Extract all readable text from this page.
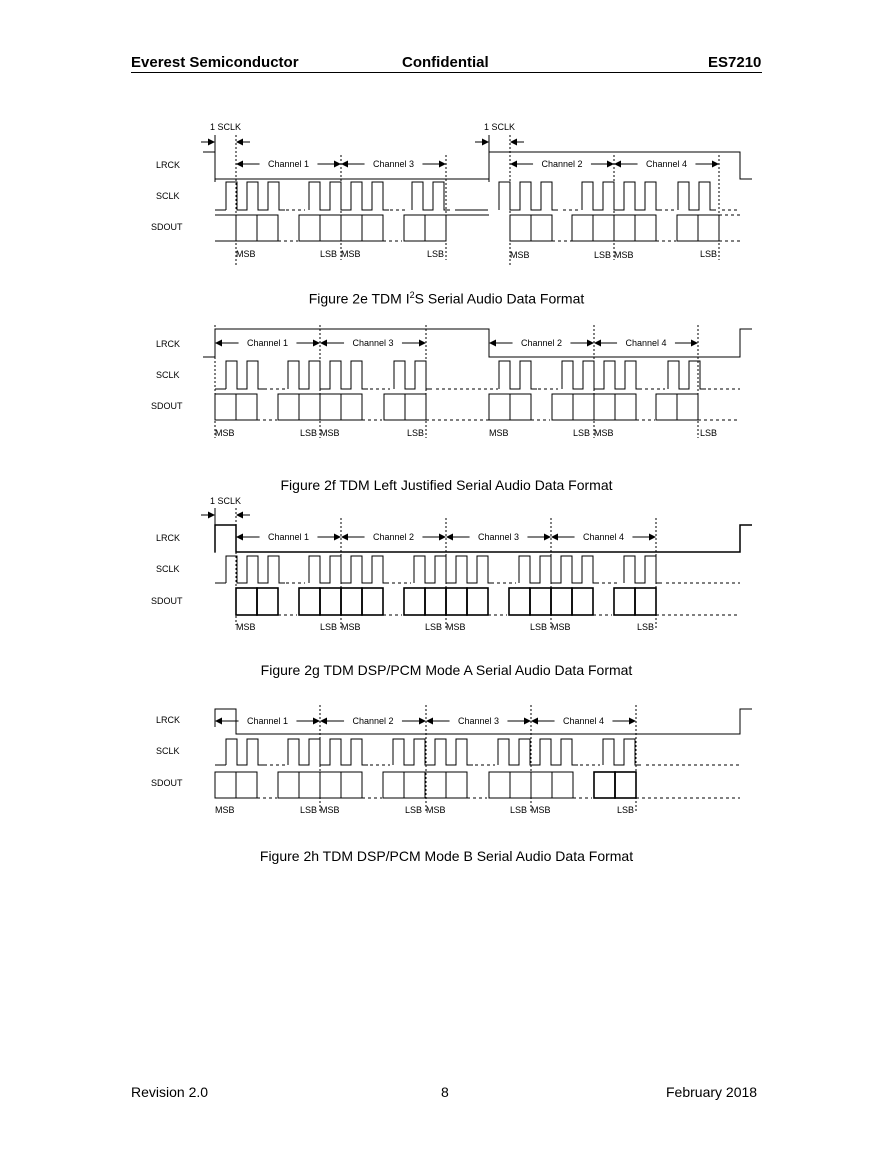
Everest Semiconductor	Confidential	ES7210
LRCK
SCLK
SDOUT
1 SCLK	1 SCLK
Channel 1	Channel 3	Channel 2	Channel 4
MSB	LSB MSB	LSB	MSB	LSB MSB	LSB
Figure 2e TDM $I^2S$ Serial Audio Data Format
LRCK
SCLK
SDOUT
Channel 1	Channel 3	Channel 2	Channel 4
MSB	LSB MSB	LSB	MSB	LSB MSB	LSB
Figure 2f TDM Left Justified Serial Audio Data Format
LRCK
SCLK
SDOUT
1 SCLK
Channel 1	Channel 2	Channel 3	Channel 4
MSB	LSB MSB	LSB MSB	LSB MSB	LSB
Figure 2g TDM DSP/PCM Mode A Serial Audio Data Format
LRCK
SCLK
SDOUT
Channel 1	Channel 2	Channel 3	Channel 4
MSB	LSB MSB	LSB MSB	LSB MSB	LSB
Figure 2h TDM DSP/PCM Mode B Serial Audio Data Format
Revision 2.0	8	February 2018
